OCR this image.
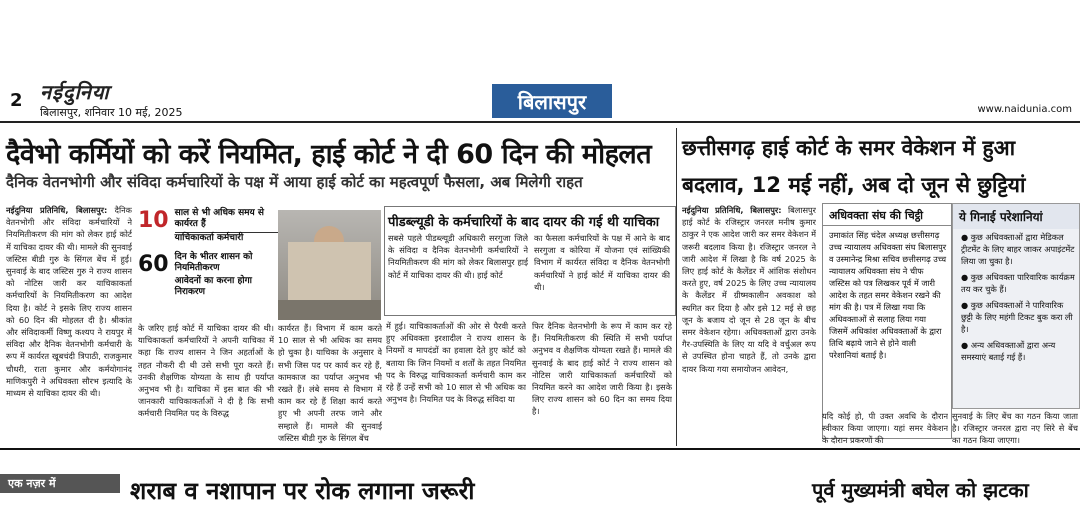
2 नईदुनिया
बिलासपुर, शनिवार 10 मई, 2025	बिलासपुर	www.naidunia.com
दैवेभो कर्मियों को करें नियमित, हाई कोर्ट ने दी 60 दिन की मोहलत
दैनिक वेतनभोगी और संविदा कर्मचारियों के पक्ष में आया हाई कोर्ट का महत्वपूर्ण फैसला, अब मिलेगी राहत
नईदुनिया प्रतिनिधि, बिलासपुर: दैनिक वेतनभोगी और संविदा कर्मचारियों ने नियमितीकरण की मांग को लेकर हाई कोर्ट में याचिका दायर की थी। मामले की सुनवाई जस्टिस बीडी गुरु के सिंगल बेंच में हुई। सुनवाई के बाद जस्टिस गुरु ने राज्य शासन को नोटिस जारी कर याचिकाकर्ता कर्मचारियों के नियमितीकरण का आदेश दिया है। कोर्ट ने इसके लिए राज्य शासन को 60 दिन की मोहलत दी है। श्रीकांत और संविदाकर्मी विष्णु कश्यप ने रायपुर में संविदा और दैनिक वेतनभोगी कर्मचारी के रूप में कार्यरत खूबचंदी त्रिपाठी, राजकुमार चौधरी, राता कुमार और कर्मयोगानंद माणिकपुरी ने अधिवक्ता सौरभ इत्यादि के माध्यम से याचिका दायर की थी।
10 साल से भी अधिक समय से कार्यरत हैं
याचिकाकर्ता कर्मचारी
60 दिन के भीतर शासन को नियमितीकरण
आवेदनों का करना होगा निराकरण
के जरिए हाई कोर्ट में याचिका दायर की थी। याचिकाकर्ता कर्मचारियों ने अपनी याचिका में कहा कि राज्य शासन ने जिन अहर्ताओं के तहत नौकरी दी थी उसे सभी पूरा करते हैं। उनकी शैक्षणिक योग्यता के साथ ही पर्याप्त अनुभव भी है। याचिका में इस बात की भी जानकारी याचिकाकर्ताओं ने दी है कि सभी कर्मचारी नियमित पद के विरुद्ध
कार्यरत हैं। विभाग में काम करते 10 साल से भी अधिक का समय हो चुका है। याचिका के अनुसार वे सभी जिस पद पर कार्य कर रहे हैं, कामकाज का पर्याप्त अनुभव भी रखते हैं। लंबे समय से विभाग में काम कर रहे हैं शिक्षा कार्य करते हुए भी अपनी तरफ जाने और सम्हाले हैं। मामले की सुनवाई जस्टिस बीडी गुरु के सिंगल बेंच
पीडब्ल्यूडी के कर्मचारियों के बाद दायर की गई थी याचिका
सबसे पहले पीडब्ल्यूडी अधिकारी सरगुजा जिले के संविदा व दैनिक वेतनभोगी कर्मचारियों ने नियमितीकरण की मांग को लेकर बिलासपुर हाई कोर्ट में याचिका दायर की थी। हाई कोर्ट
का फैसला कर्मचारियों के पक्ष में आने के बाद सरगुजा व कोरिया में योजना एवं सांख्यिकी विभाग में कार्यरत संविदा व दैनिक वेतनभोगी कर्मचारियों ने हाई कोर्ट में याचिका दायर की थी।
में हुई। याचिकाकर्ताओं की ओर से पैरवी करते हुए अधिवक्ता इरशादील ने राज्य शासन के नियमों व मापदंडों का हवाला देते हुए कोर्ट को बताया कि जिन नियमों व शर्तों के तहत नियमित पद के विरुद्ध याचिकाकर्ता कर्मचारी काम कर रहे हैं उन्हें सभी को 10 साल से भी अधिक का अनुभव है। नियमित पद के विरुद्ध संविदा या
फिर दैनिक वेतनभोगी के रूप में काम कर रहे हैं। नियमितीकरण की स्थिति में सभी पर्याप्त अनुभव व शैक्षणिक योग्यता रखते हैं। मामले की सुनवाई के बाद हाई कोर्ट ने राज्य शासन को नोटिस जारी याचिकाकर्ता कर्मचारियों को नियमित करने का आदेश जारी किया है। इसके लिए राज्य शासन को 60 दिन का समय दिया है।
छत्तीसगढ़ हाई कोर्ट के समर वेकेशन में हुआ
बदलाव, 12 मई नहीं, अब दो जून से छुट्टियां
नईदुनिया प्रतिनिधि, बिलासपुर: बिलासपुर हाई कोर्ट के रजिस्ट्रार जनरल मनीष कुमार ठाकुर ने एक आदेश जारी कर समर वेकेशन में जरूरी बदलाव किया है। रजिस्ट्रार जनरल ने जारी आदेश में लिखा है कि वर्ष 2025 के लिए हाई कोर्ट के कैलेंडर में आंशिक संशोधन करते हुए, वर्ष 2025 के लिए उच्च न्यायालय के कैलेंडर में ग्रीष्मकालीन अवकाश को स्थगित कर दिया है और इसे 12 मई से छह जून के बजाय दो जून से 28 जून के बीच समर वेकेशन रहेगा। अधिवक्ताओं द्वारा उनके गैर-उपस्थिति के लिए या यदि वे वर्चुअल रूप से उपस्थित होना चाहते हैं, तो उनके द्वारा दायर किया गया समायोजन आवेदन,
अधिवक्ता संघ की चिट्ठी
उमाकांत सिंह चंदेल अध्यक्ष छत्तीसगढ़ उच्च न्यायालय अधिवक्ता संघ बिलासपुर व उस्मानेन्द्र मिश्रा सचिव छत्तीसगढ़ उच्च न्यायालय अधिवक्ता संघ ने चीफ जस्टिस को पत्र लिखकर पूर्व में जारी आदेश के तहत समर वेकेशन रखने की मांग की है। पत्र में लिखा गया कि अधिवक्ताओं से सलाह लिया गया जिसमें अधिकांश अधिवक्ताओं के द्वारा तिथि बढ़ाये जाने से होने वाली परेशानियां बताई है।
ये गिनाई परेशानियां
● कुछ अधिवक्ताओं द्वारा मेडिकल ट्रीटमेंट के लिए बाहर जाकर अपाइंटमेंट लिया जा चुका है।
● कुछ अधिवक्ता पारिवारिक कार्यक्रम तय कर चुके हैं।
● कुछ अधिवक्ताओं ने पारिवारिक छुट्टी के लिए महंगी टिकट बुक करा ली है।
● अन्य अधिवक्ताओं द्वारा अन्य समस्याएं बताई गई हैं।
यदि कोई हो, पी उक्त अवधि के दौरान स्वीकार किया जाएगा। यहां समर वेकेशन के दौरान प्रकरणों की
सुनवाई के लिए बेंच का गठन किया जाता है। रजिस्ट्रार जनरल द्वारा नए सिरे से बेंच का गठन किया जाएगा।
एक नज़र में	शराब व नशापान पर रोक लगाना जरूरी	पूर्व मुख्यमंत्री बघेल को झटका
